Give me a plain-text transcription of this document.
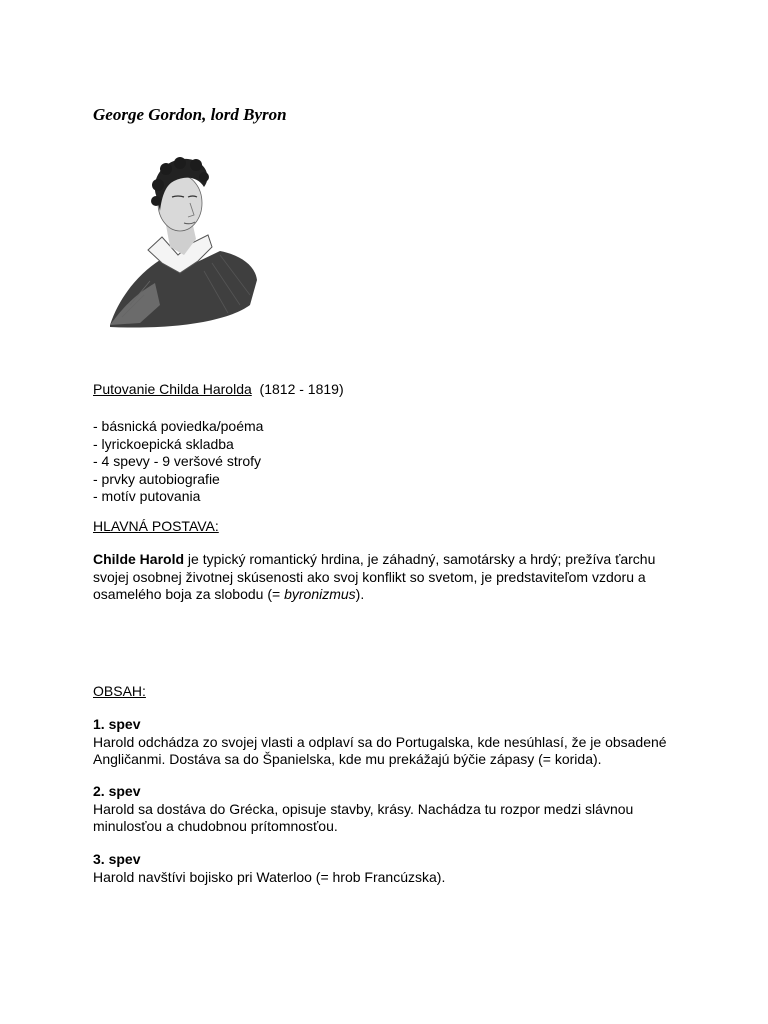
George Gordon, lord Byron

Putovanie Childa Harolda (1812 - 1819)

- básnická poviedka/poéma
- lyrickoepická skladba
- 4 spevy - 9 veršové strofy
- prvky autobiografie
- motív putovania

HLAVNÁ POSTAVA:

Childe Harold je typický romantický hrdina, je záhadný, samotársky a hrdý; prežíva ťarchu svojej osobnej životnej skúsenosti ako svoj konflikt so svetom, je predstaviteľom vzdoru a osamelého boja za slobodu (= byronizmus).

OBSAH:

1. spev

Harold odchádza zo svojej vlasti a odplaví sa do Portugalska, kde nesúhlasí, že je obsadené Angličanmi. Dostáva sa do Španielska, kde mu prekážajú býčie zápasy (= korida).

2. spev

Harold sa dostáva do Grécka, opisuje stavby, krásy. Nachádza tu rozpor medzi slávnou minulosťou a chudobnou prítomnosťou.

3. spev

Harold navštívi bojisko pri Waterloo (= hrob Francúzska).
